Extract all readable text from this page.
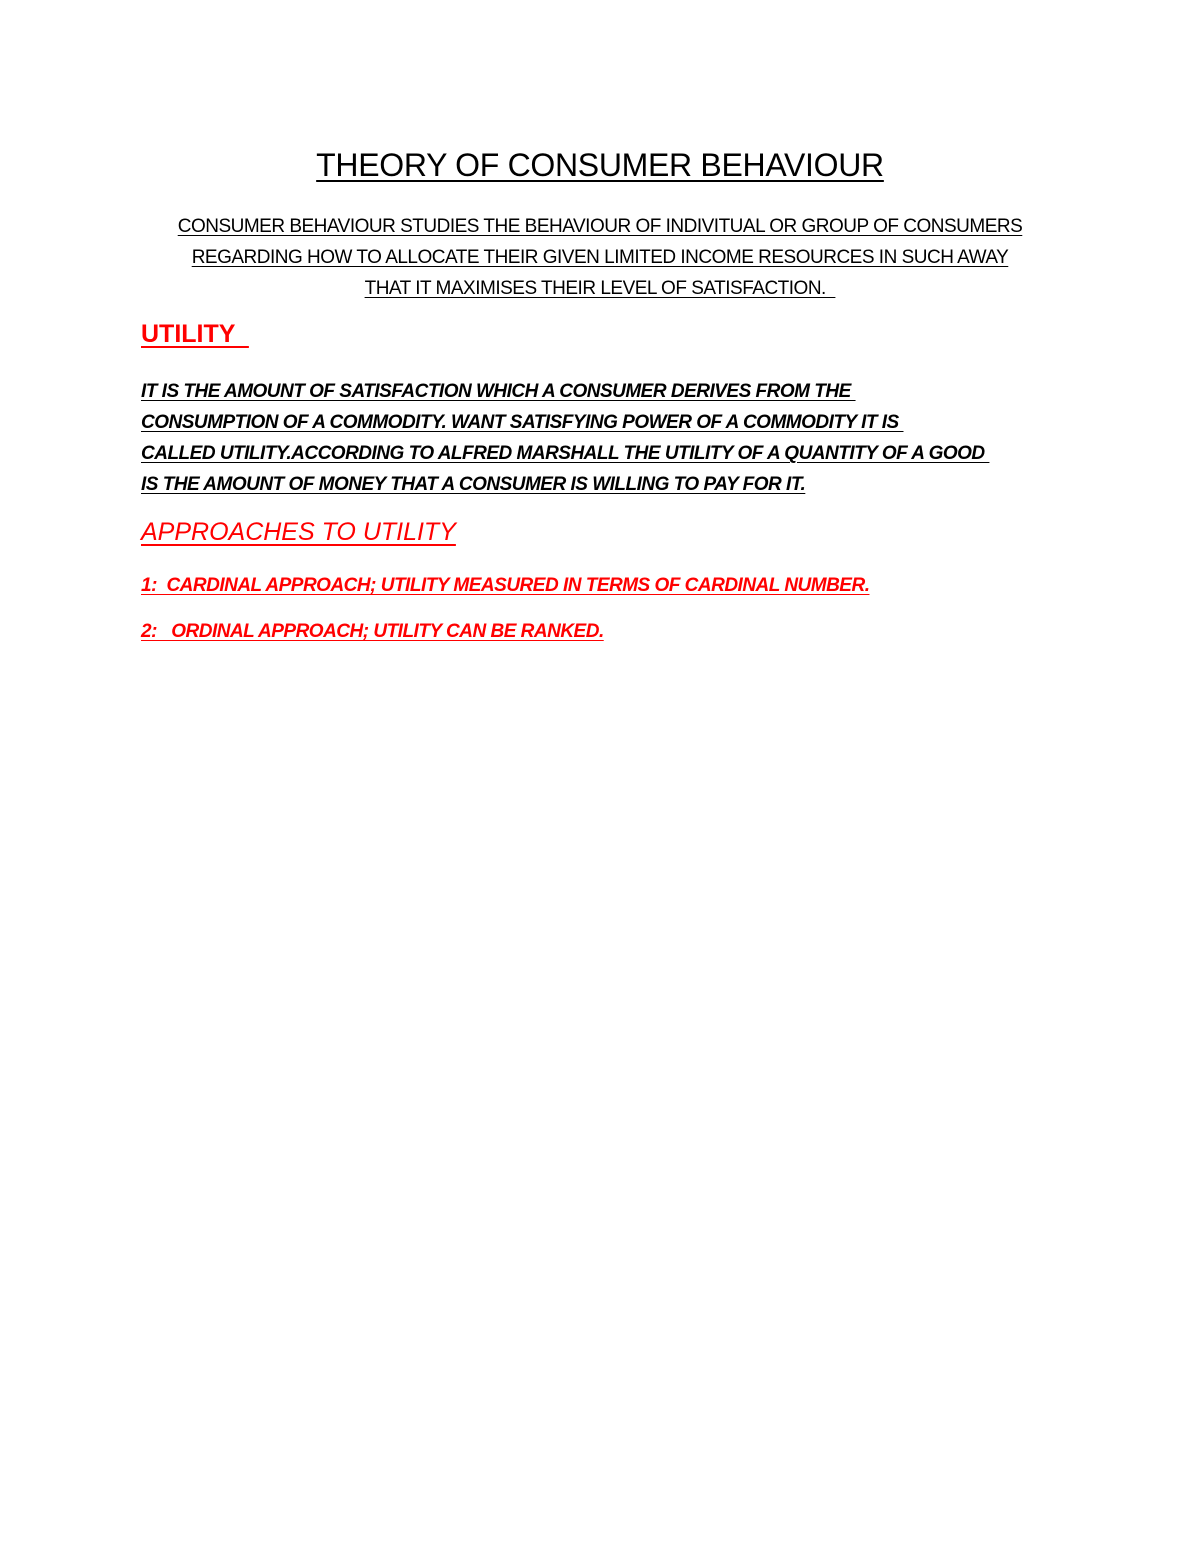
THEORY OF CONSUMER BEHAVIOUR
CONSUMER BEHAVIOUR STUDIES THE BEHAVIOUR OF INDIVITUAL OR GROUP OF CONSUMERS
REGARDING HOW TO ALLOCATE THEIR GIVEN LIMITED INCOME RESOURCES IN SUCH AWAY
THAT IT MAXIMISES THEIR LEVEL OF SATISFACTION.
UTILITY
IT IS THE AMOUNT OF SATISFACTION WHICH A CONSUMER DERIVES FROM THE
CONSUMPTION OF A COMMODITY. WANT SATISFYING POWER OF A COMMODITY IT IS
CALLED UTILITY.ACCORDING TO ALFRED MARSHALL THE UTILITY OF A QUANTITY OF A GOOD
IS THE AMOUNT OF MONEY THAT A CONSUMER IS WILLING TO PAY FOR IT.
APPROACHES TO UTILITY
1:  CARDINAL APPROACH; UTILITY MEASURED IN TERMS OF CARDINAL NUMBER.
2:   ORDINAL APPROACH; UTILITY CAN BE RANKED.
